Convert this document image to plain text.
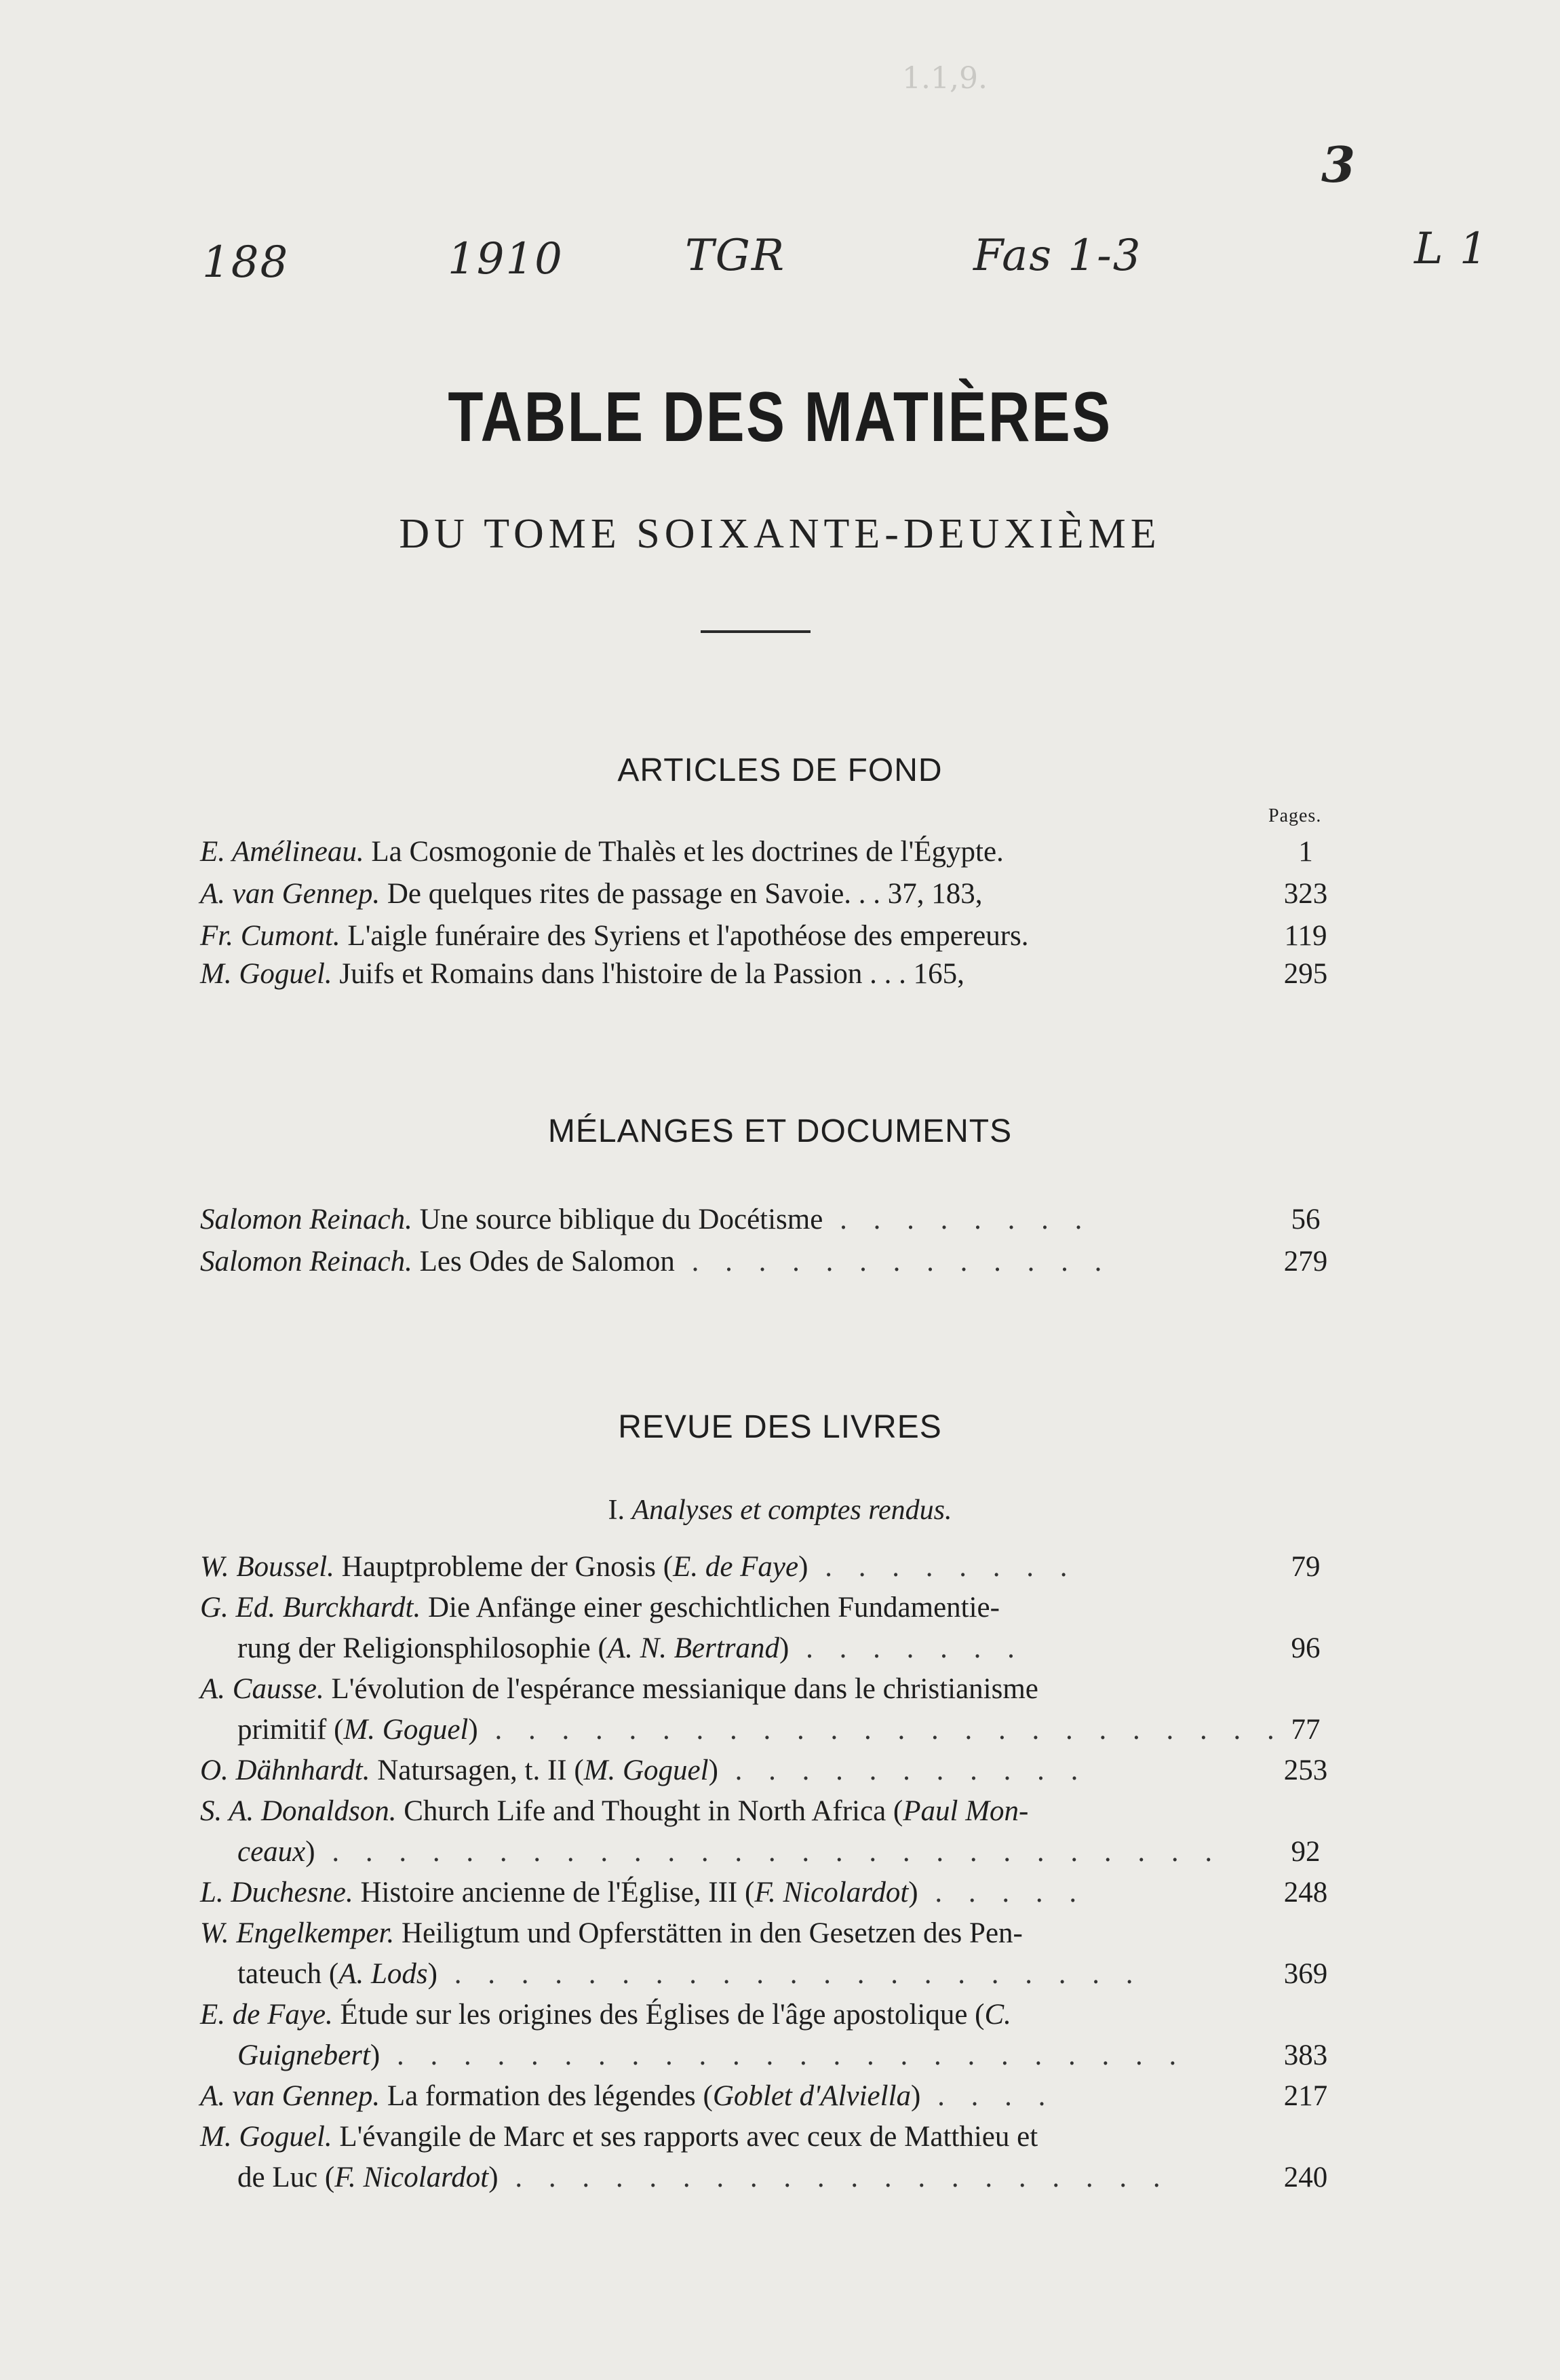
1.1,9.
188	1910	TGR	Fas 1-3	L 1
3
TABLE DES MATIÈRES
DU TOME SOIXANTE-DEUXIÈME
ARTICLES DE FOND
Pages.
E. Amélineau. La Cosmogonie de Thalès et les doctrines de l'Égypte.	1
A. van Gennep. De quelques rites de passage en Savoie. . . 37, 183,	323
Fr. Cumont. L'aigle funéraire des Syriens et l'apothéose des empereurs.	119
M. Goguel. Juifs et Romains dans l'histoire de la Passion . . . 165,	295
MÉLANGES ET DOCUMENTS
Salomon Reinach. Une source biblique du Docétisme . . . . . . . .	56
Salomon Reinach. Les Odes de Salomon . . . . . . . . . . . . .	279
REVUE DES LIVRES
I. Analyses et comptes rendus.
W. Boussel. Hauptprobleme der Gnosis (E. de Faye) . . . . . . . .	79
G. Ed. Burckhardt. Die Anfänge einer geschichtlichen Fundamentie-
rung der Religionsphilosophie (A. N. Bertrand) . . . . . . .	96
A. Causse. L'évolution de l'espérance messianique dans le christianisme
primitif (M. Goguel) . . . . . . . . . . . . . . . . . . . . . . . . 77
O. Dähnhardt. Natursagen, t. II (M. Goguel) . . . . . . . . . . .	253
S. A. Donaldson. Church Life and Thought in North Africa (Paul Mon-
ceaux) . . . . . . . . . . . . . . . . . . . . . . . . . . .	92
L. Duchesne. Histoire ancienne de l'Église, III (F. Nicolardot) . . . . .	248
W. Engelkemper. Heiligtum und Opferstätten in den Gesetzen des Pen-
tateuch (A. Lods) . . . . . . . . . . . . . . . . . . . . .	369
E. de Faye. Étude sur les origines des Églises de l'âge apostolique (C.
Guignebert) . . . . . . . . . . . . . . . . . . . . . . . .	383
A. van Gennep. La formation des légendes (Goblet d'Alviella) . . . .	217
M. Goguel. L'évangile de Marc et ses rapports avec ceux de Matthieu et
de Luc (F. Nicolardot) . . . . . . . . . . . . . . . . . . . .	240
